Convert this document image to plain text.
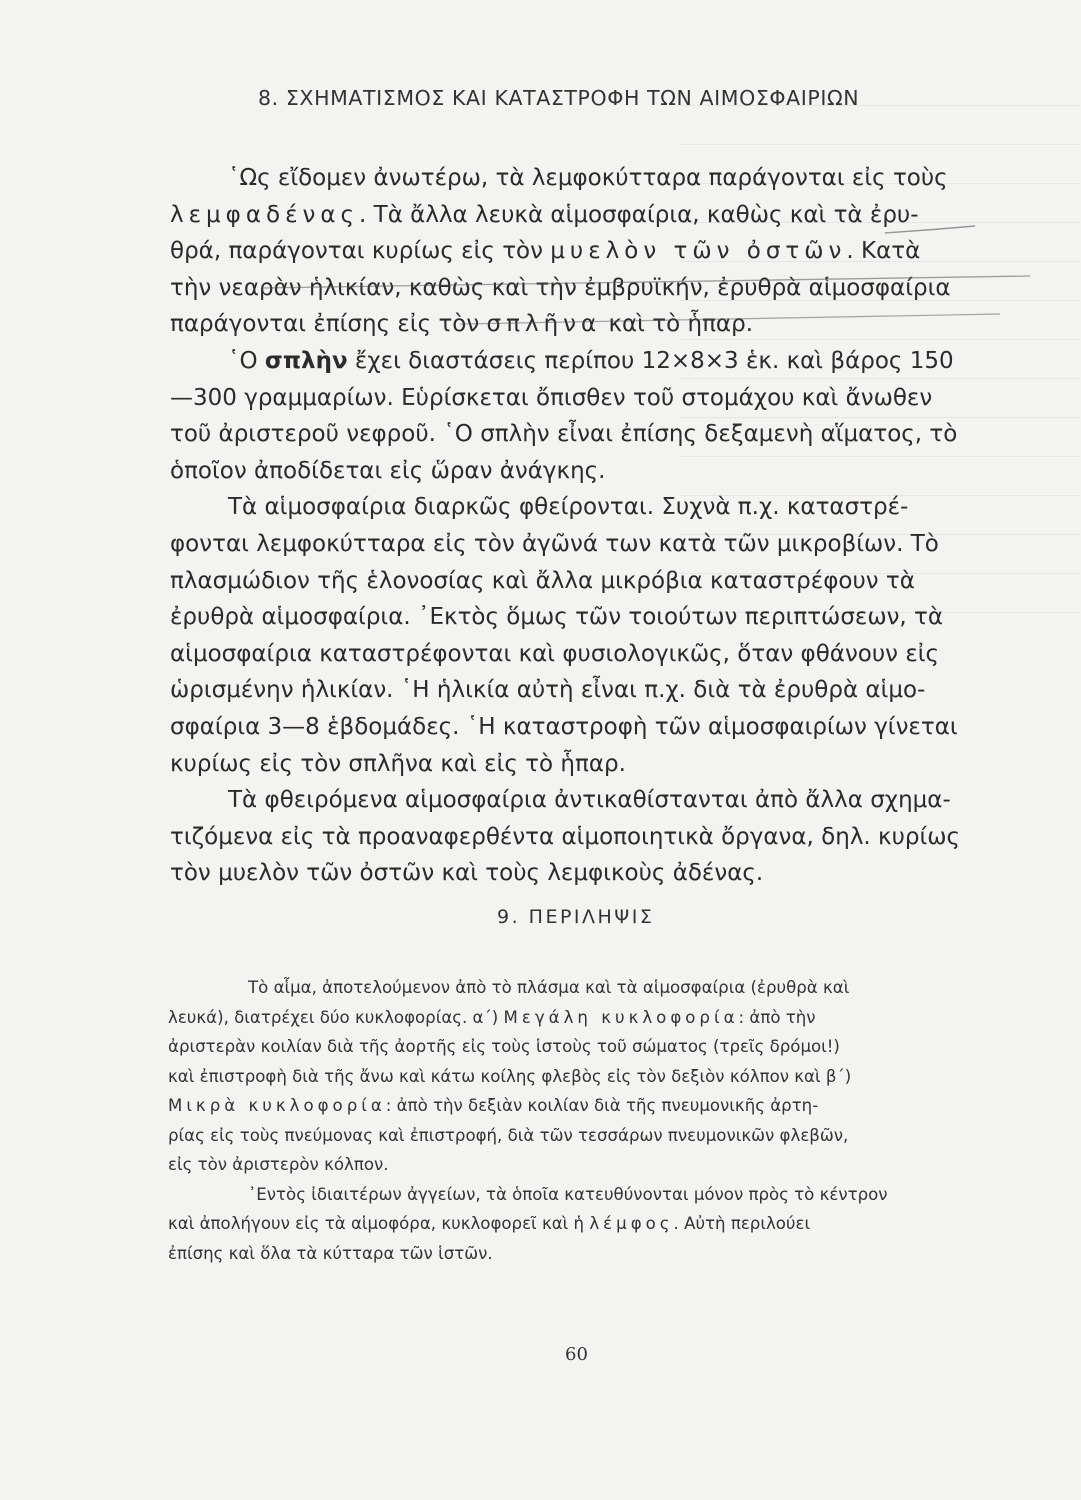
8. ΣΧΗΜΑΤΙΣΜΟΣ ΚΑΙ ΚΑΤΑΣΤΡΟΦΗ ΤΩΝ ΑΙΜΟΣΦΑΙΡΙΩΝ
῾Ως εἴδομεν ἀνωτέρω, τὰ λεμφοκύτταρα παράγονται εἰς τοὺς
λεμφαδένας. Τὰ ἄλλα λευκὰ αἱμοσφαίρια, καθὼς καὶ τὰ ἐρυ-
θρά, παράγονται κυρίως εἰς τὸν μυελὸν τῶν ὀστῶν. Κατὰ
τὴν νεαρὰν ἡλικίαν, καθὼς καὶ τὴν ἐμβρυϊκήν, ἐρυθρὰ αἱμοσφαίρια
παράγονται ἐπίσης εἰς τὸν σπλῆνα καὶ τὸ ἧπαρ.
῾Ο σπλὴν ἔχει διαστάσεις περίπου 12×8×3 ἑκ. καὶ βάρος 150
—300 γραμμαρίων. Εὑρίσκεται ὄπισθεν τοῦ στομάχου καὶ ἄνωθεν
τοῦ ἀριστεροῦ νεφροῦ. ῾Ο σπλὴν εἶναι ἐπίσης δεξαμενὴ αἵματος, τὸ
ὁποῖον ἀποδίδεται εἰς ὥραν ἀνάγκης.
Τὰ αἱμοσφαίρια διαρκῶς φθείρονται. Συχνὰ π.χ. καταστρέ-
φονται λεμφοκύτταρα εἰς τὸν ἀγῶνά των κατὰ τῶν μικροβίων. Τὸ
πλασμώδιον τῆς ἑλονοσίας καὶ ἄλλα μικρόβια καταστρέφουν τὰ
ἐρυθρὰ αἱμοσφαίρια. ᾿Εκτὸς ὅμως τῶν τοιούτων περιπτώσεων, τὰ
αἱμοσφαίρια καταστρέφονται καὶ φυσιολογικῶς, ὅταν φθάνουν εἰς
ὡρισμένην ἡλικίαν. ῾Η ἡλικία αὐτὴ εἶναι π.χ. διὰ τὰ ἐρυθρὰ αἱμο-
σφαίρια 3—8 ἑβδομάδες. ῾Η καταστροφὴ τῶν αἱμοσφαιρίων γίνεται
κυρίως εἰς τὸν σπλῆνα καὶ εἰς τὸ ἧπαρ.
Τὰ φθειρόμενα αἱμοσφαίρια ἀντικαθίστανται ἀπὸ ἄλλα σχημα-
τιζόμενα εἰς τὰ προαναφερθέντα αἱμοποιητικὰ ὄργανα, δηλ. κυρίως
τὸν μυελὸν τῶν ὀστῶν καὶ τοὺς λεμφικοὺς ἀδένας.
9. ΠΕΡΙΛΗΨΙΣ
Τὸ αἷμα, ἀποτελούμενον ἀπὸ τὸ πλάσμα καὶ τὰ αἱμοσφαίρια (ἐρυθρὰ καὶ
λευκά), διατρέχει δύο κυκλοφορίας. α΄) Μεγάλη κυκλοφορία: ἀπὸ τὴν
ἀριστερὰν κοιλίαν διὰ τῆς ἀορτῆς εἰς τοὺς ἱστοὺς τοῦ σώματος (τρεῖς δρόμοι!)
καὶ ἐπιστροφὴ διὰ τῆς ἄνω καὶ κάτω κοίλης φλεβὸς εἰς τὸν δεξιὸν κόλπον καὶ β΄)
Μικρὰ κυκλοφορία: ἀπὸ τὴν δεξιὰν κοιλίαν διὰ τῆς πνευμονικῆς ἀρτη-
ρίας εἰς τοὺς πνεύμονας καὶ ἐπιστροφή, διὰ τῶν τεσσάρων πνευμονικῶν φλεβῶν,
εἰς τὸν ἀριστερὸν κόλπον.
᾿Εντὸς ἰδιαιτέρων ἀγγείων, τὰ ὁποῖα κατευθύνονται μόνον πρὸς τὸ κέντρον
καὶ ἀπολήγουν εἰς τὰ αἱμοφόρα, κυκλοφορεῖ καὶ ἡ λέμφος. Αὐτὴ περιλούει
ἐπίσης καὶ ὅλα τὰ κύτταρα τῶν ἱστῶν.
60
